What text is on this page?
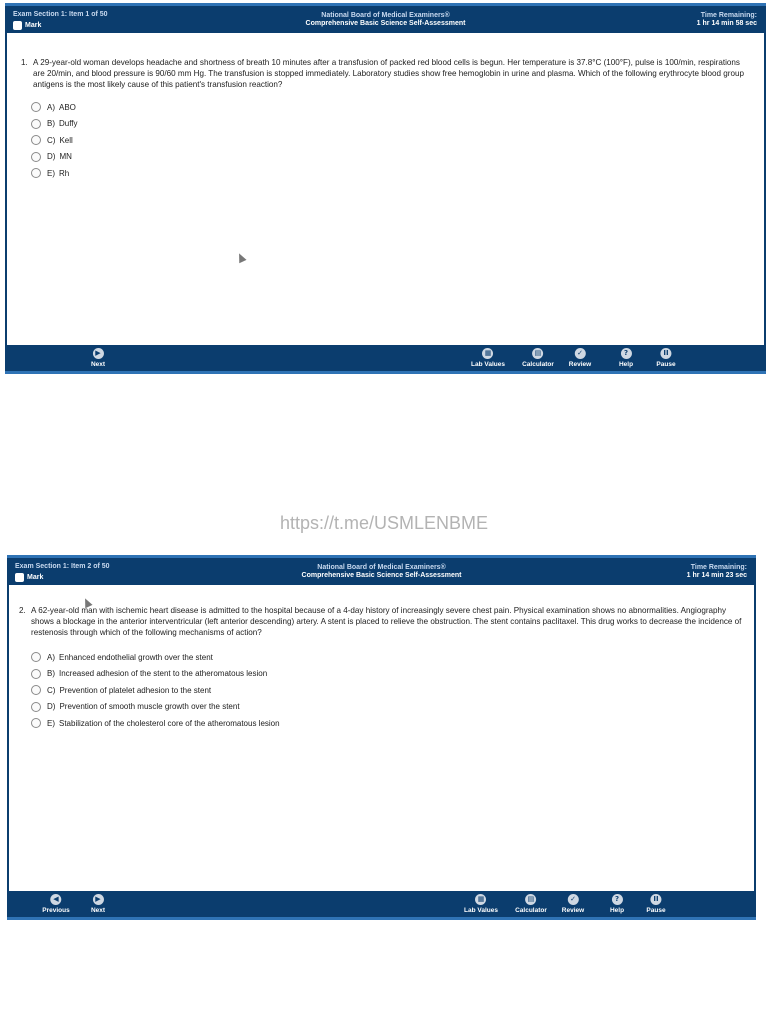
Exam Section 1: Item 1 of 50
Mark
National Board of Medical Examiners®
Comprehensive Basic Science Self-Assessment
Time Remaining:
1 hr 14 min 58 sec
1. A 29-year-old woman develops headache and shortness of breath 10 minutes after a transfusion of packed red blood cells is begun. Her temperature is 37.8°C (100°F), pulse is 100/min, respirations are 20/min, and blood pressure is 90/60 mm Hg. The transfusion is stopped immediately. Laboratory studies show free hemoglobin in urine and plasma. Which of the following erythrocyte blood group antigens is the most likely cause of this patient's transfusion reaction?
A) ABO
B) Duffy
C) Kell
D) MN
E) Rh
▶
Next
▦
Lab Values
▤
Calculator
✓
Review
?
Help
II
Pause
https://t.me/USMLENBME
Exam Section 1: Item 2 of 50
Mark
National Board of Medical Examiners®
Comprehensive Basic Science Self-Assessment
Time Remaining:
1 hr 14 min 23 sec
2. A 62-year-old man with ischemic heart disease is admitted to the hospital because of a 4-day history of increasingly severe chest pain. Physical examination shows no abnormalities. Angiography shows a blockage in the anterior interventricular (left anterior descending) artery. A stent is placed to relieve the obstruction. The stent contains paclitaxel. This drug works to decrease the incidence of restenosis through which of the following mechanisms of action?
A) Enhanced endothelial growth over the stent
B) Increased adhesion of the stent to the atheromatous lesion
C) Prevention of platelet adhesion to the stent
D) Prevention of smooth muscle growth over the stent
E) Stabilization of the cholesterol core of the atheromatous lesion
◀
Previous
▶
Next
▦
Lab Values
▤
Calculator
✓
Review
?
Help
II
Pause
